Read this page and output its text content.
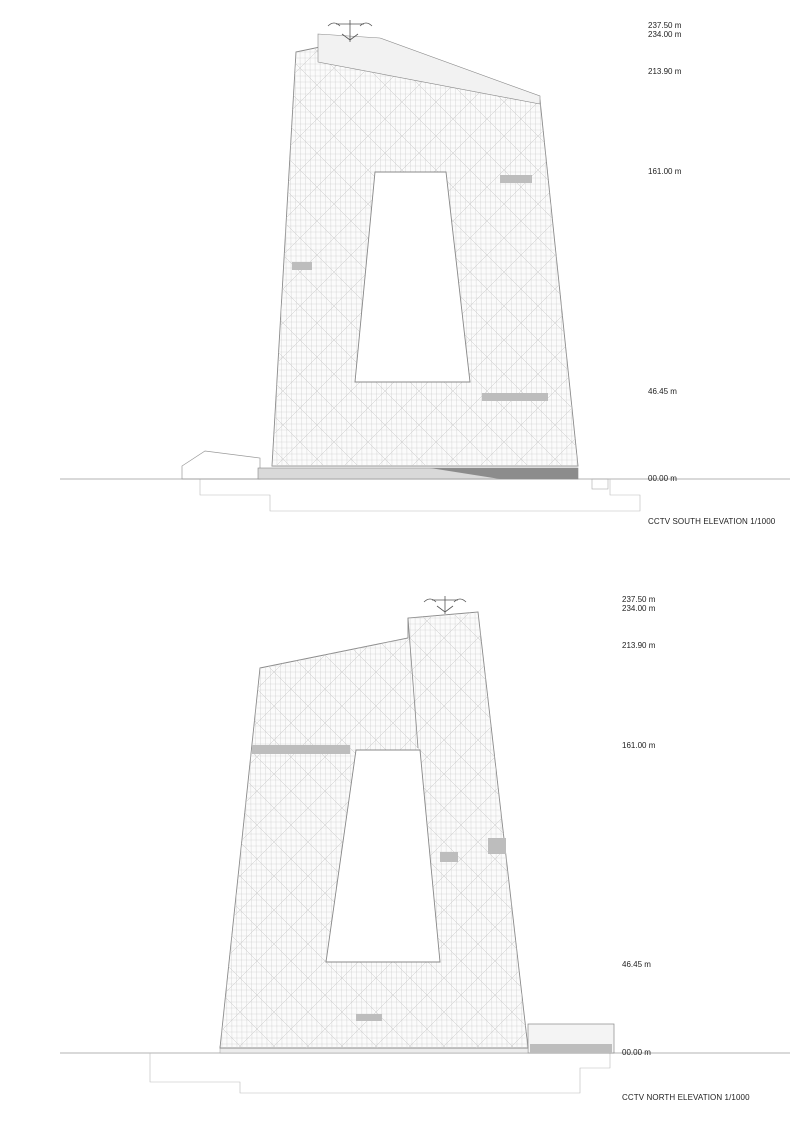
237.50 m
234.00 m
213.90 m
161.00 m
46.45 m
00.00 m
CCTV SOUTH ELEVATION 1/1000
237.50 m
234.00 m
213.90 m
161.00 m
46.45 m
00.00 m
CCTV NORTH ELEVATION 1/1000
